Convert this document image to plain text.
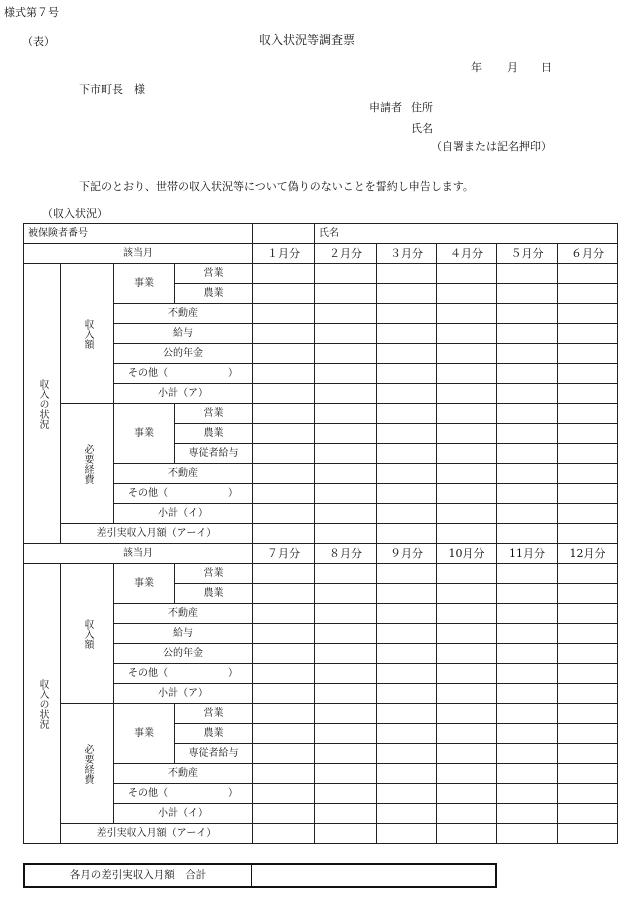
様式第７号
（表）	収入状況等調査票
年 月 日
下市町長　様
申請者 住所
氏名
（自署または記名押印）
下記のとおり、世帯の収入状況等について偽りのないことを誓約し申告します。
（収入状況）
被保険者番号					氏名				
該当月				１月分	２月分	３月分	４月分	５月分	６月分
収入の状況	収入額	事業	営業						
			農業						
		不動産							
		給与							
		公的年金							
		その他（　　　　　　）							
		小計（ア）							
	必要経費	事業	営業						
			農業						
			専従者給与						
		不動産							
		その他（　　　　　　）							
		小計（イ）							
	差引実収入月額（アーイ）								
該当月				７月分	８月分	９月分	10月分	11月分	12月分
収入の状況	収入額	事業	営業						
			農業						
		不動産							
		給与							
		公的年金							
		その他（　　　　　　）							
		小計（ア）							
	必要経費	事業	営業						
			農業						
			専従者給与						
		不動産							
		その他（　　　　　　）							
		小計（イ）							
	差引実収入月額（アーイ）								
各月の差引実収入月額　合計
